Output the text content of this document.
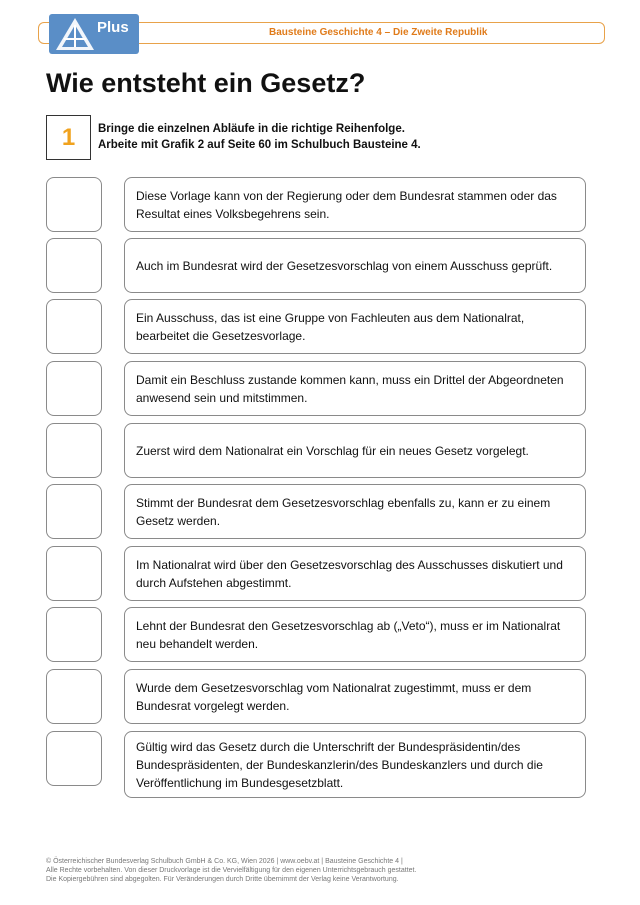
Bausteine Geschichte 4 – Die Zweite Republik
Plus
Wie entsteht ein Gesetz?
1 Bringe die einzelnen Abläufe in die richtige Reihenfolge.
Arbeite mit Grafik 2 auf Seite 60 im Schulbuch Bausteine 4.
Diese Vorlage kann von der Regierung oder dem Bundesrat stammen oder das Resultat eines Volksbegehrens sein.
Auch im Bundesrat wird der Gesetzesvorschlag von einem Ausschuss geprüft.
Ein Ausschuss, das ist eine Gruppe von Fachleuten aus dem Nationalrat, bearbeitet die Gesetzesvorlage.
Damit ein Beschluss zustande kommen kann, muss ein Drittel der Abgeordneten anwesend sein und mitstimmen.
Zuerst wird dem Nationalrat ein Vorschlag für ein neues Gesetz vorgelegt.
Stimmt der Bundesrat dem Gesetzesvorschlag ebenfalls zu, kann er zu einem Gesetz werden.
Im Nationalrat wird über den Gesetzesvorschlag des Ausschusses diskutiert und durch Aufstehen abgestimmt.
Lehnt der Bundesrat den Gesetzesvorschlag ab („Veto“), muss er im Nationalrat neu behandelt werden.
Wurde dem Gesetzesvorschlag vom Nationalrat zugestimmt, muss er dem Bundesrat vorgelegt werden.
Gültig wird das Gesetz durch die Unterschrift der Bundespräsidentin/des Bundespräsidenten, der Bundeskanzlerin/des Bundeskanzlers und durch die Veröffentlichung im Bundesgesetzblatt.
© Österreichischer Bundesverlag Schulbuch GmbH & Co. KG, Wien 2026 | www.oebv.at | Bausteine Geschichte 4 |
Alle Rechte vorbehalten. Von dieser Druckvorlage ist die Vervielfältigung für den eigenen Unterrichtsgebrauch gestattet.
Die Kopiergebühren sind abgegolten. Für Veränderungen durch Dritte übernimmt der Verlag keine Verantwortung.
